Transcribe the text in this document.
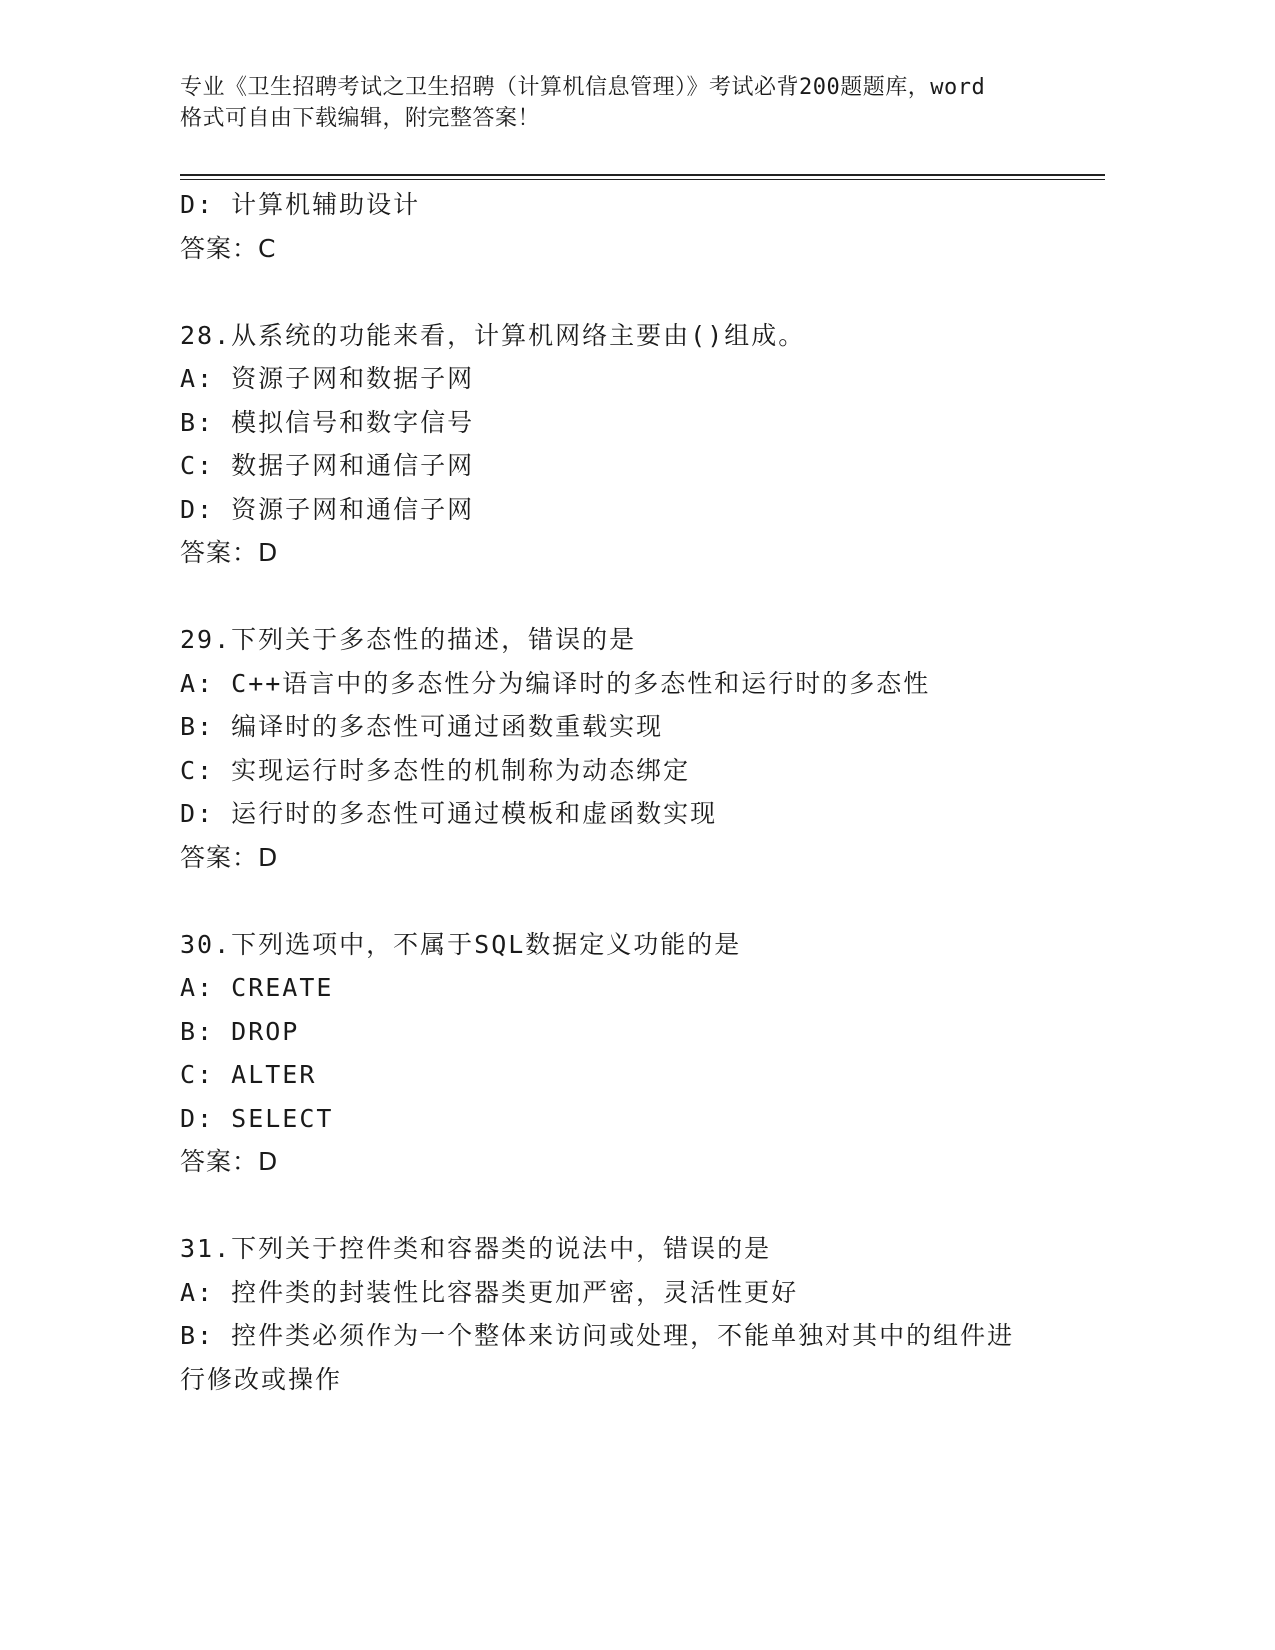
专业《卫生招聘考试之卫生招聘（计算机信息管理）》考试必背200题题库，word
格式可自由下载编辑，附完整答案！
D: 计算机辅助设计
答案：C
28.从系统的功能来看，计算机网络主要由()组成。
A: 资源子网和数据子网
B: 模拟信号和数字信号
C: 数据子网和通信子网
D: 资源子网和通信子网
答案：D
29.下列关于多态性的描述，错误的是
A: C++语言中的多态性分为编译时的多态性和运行时的多态性
B: 编译时的多态性可通过函数重载实现
C: 实现运行时多态性的机制称为动态绑定
D: 运行时的多态性可通过模板和虚函数实现
答案：D
30.下列选项中，不属于SQL数据定义功能的是
A: CREATE
B: DROP
C: ALTER
D: SELECT
答案：D
31.下列关于控件类和容器类的说法中，错误的是
A: 控件类的封装性比容器类更加严密，灵活性更好
B: 控件类必须作为一个整体来访问或处理，不能单独对其中的组件进
行修改或操作
